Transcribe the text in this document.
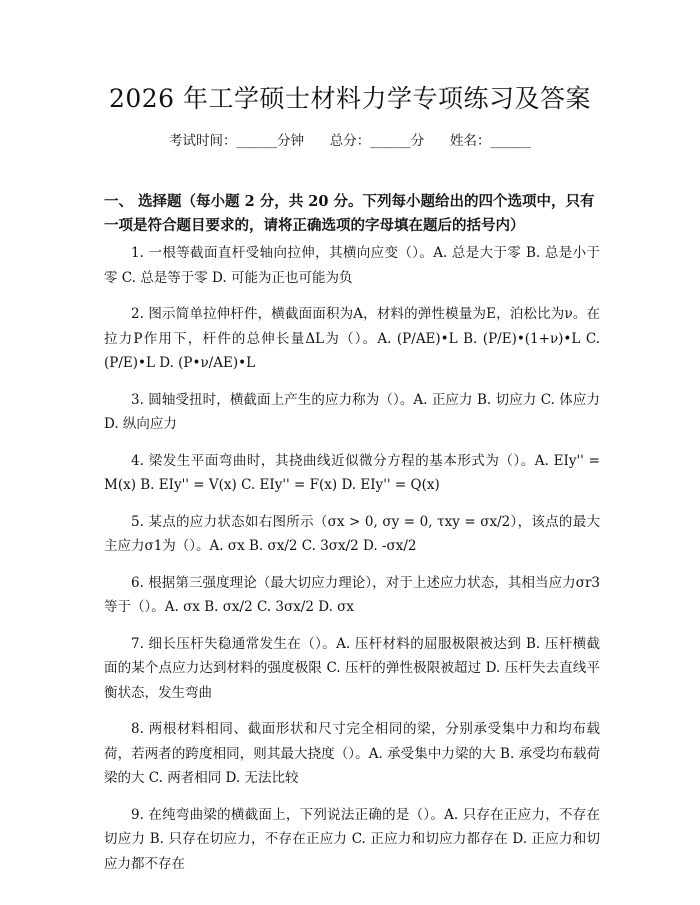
2026 年工学硕士材料力学专项练习及答案
考试时间：______分钟      总分：______分      姓名：______
一、 选择题（每小题 2 分，共 20 分。下列每小题给出的四个选项中，只有一项是符合题目要求的，请将正确选项的字母填在题后的括号内）

1. 一根等截面直杆受轴向拉伸，其横向应变（）。A. 总是大于零 B. 总是小于零 C. 总是等于零 D. 可能为正也可能为负

2. 图示简单拉伸杆件，横截面面积为A，材料的弹性模量为E，泊松比为ν。在拉力P作用下，杆件的总伸长量ΔL为（）。A. (P/AE)•L B. (P/E)•(1+ν)•L C. (P/E)•L D. (P•ν/AE)•L

3. 圆轴受扭时，横截面上产生的应力称为（）。A. 正应力 B. 切应力 C. 体应力 D. 纵向应力

4. 梁发生平面弯曲时，其挠曲线近似微分方程的基本形式为（）。A. EIy'' = M(x) B. EIy'' = V(x) C. EIy'' = F(x) D. EIy'' = Q(x)

5. 某点的应力状态如右图所示（σx > 0, σy = 0, τxy = σx/2），该点的最大主应力σ1为（）。A. σx B. σx/2 C. 3σx/2 D. -σx/2

6. 根据第三强度理论（最大切应力理论），对于上述应力状态，其相当应力σr3等于（）。A. σx B. σx/2 C. 3σx/2 D. σx

7. 细长压杆失稳通常发生在（）。A. 压杆材料的屈服极限被达到 B. 压杆横截面的某个点应力达到材料的强度极限 C. 压杆的弹性极限被超过 D. 压杆失去直线平衡状态，发生弯曲

8. 两根材料相同、截面形状和尺寸完全相同的梁，分别承受集中力和均布载荷，若两者的跨度相同，则其最大挠度（）。A. 承受集中力梁的大 B. 承受均布载荷梁的大 C. 两者相同 D. 无法比较

9. 在纯弯曲梁的横截面上，下列说法正确的是（）。A. 只存在正应力，不存在切应力 B. 只存在切应力，不存在正应力 C. 正应力和切应力都存在 D. 正应力和切应力都不存在
